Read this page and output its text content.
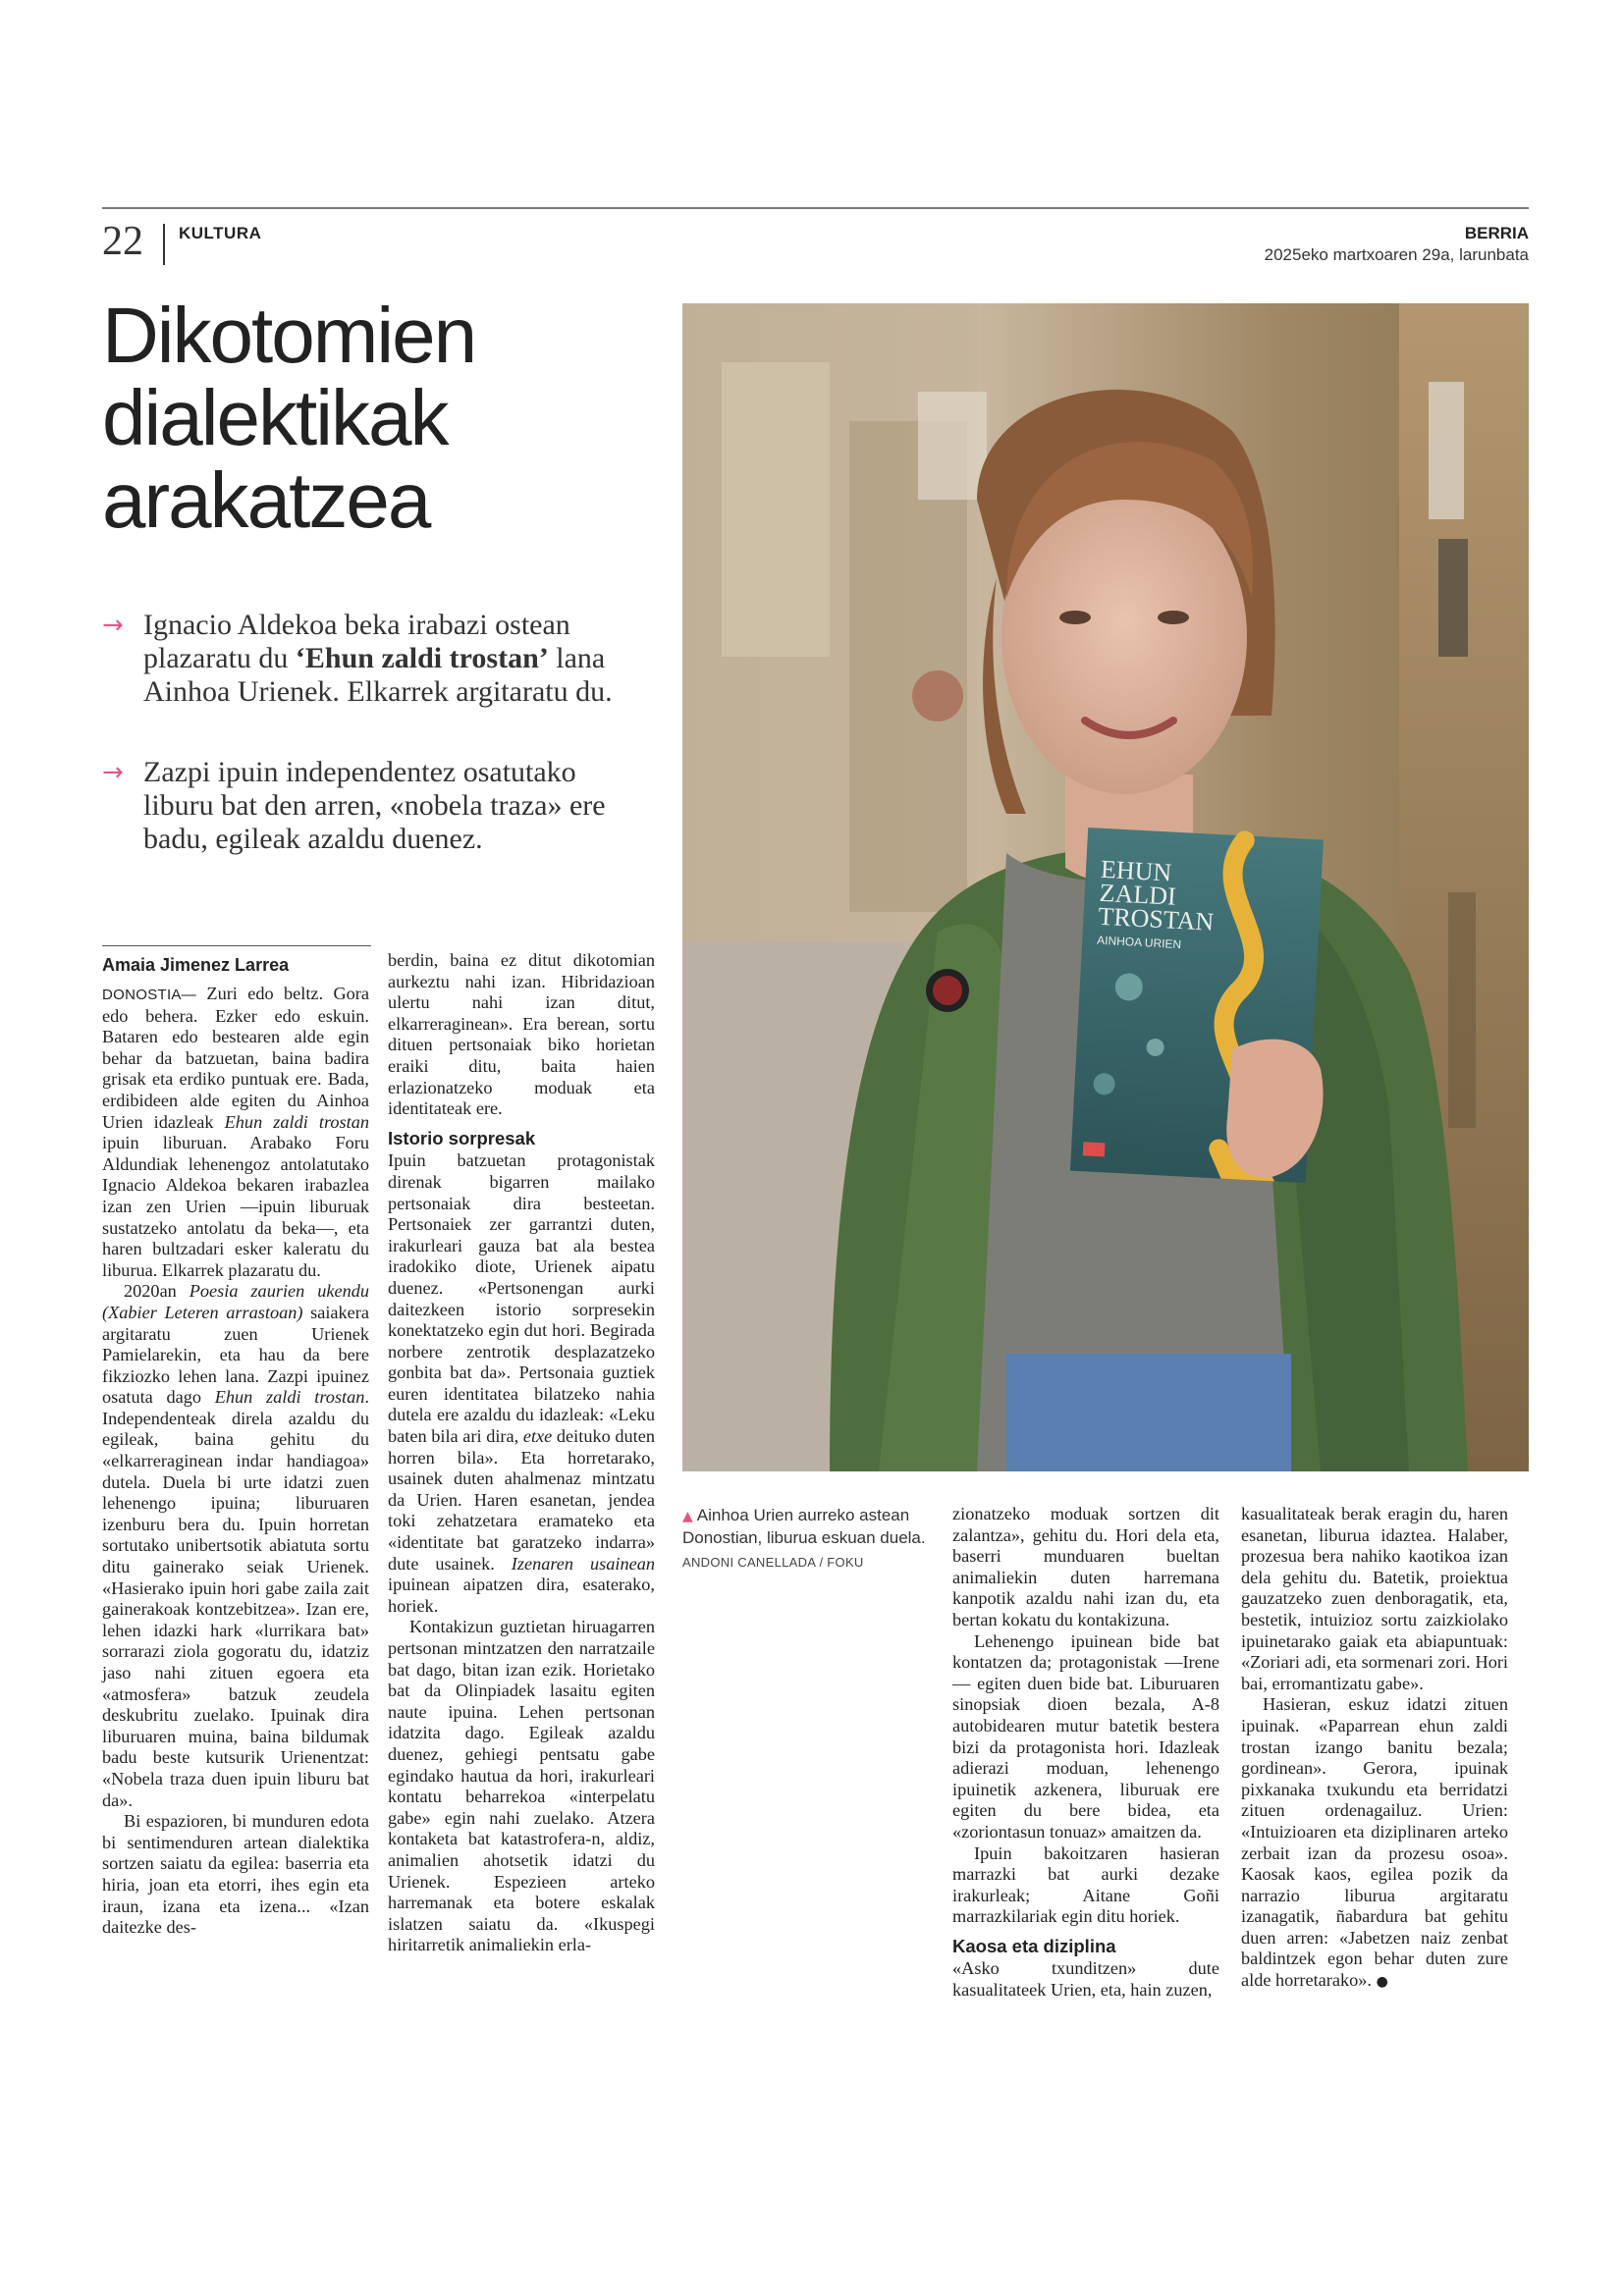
22 KULTURA	BERRIA
2025eko martxoaren 29a, larunbata
Dikotomien dialektikak arakatzea
→ Ignacio Aldekoa beka irabazi ostean plazaratu du ‘Ehun zaldi trostan’ lana Ainhoa Urienek. Elkarrek argitaratu du.
→ Zazpi ipuin independentez osatutako liburu bat den arren, «nobela traza» ere badu, egileak azaldu duenez.
Amaia Jimenez Larrea

DONOSTIA— Zuri edo beltz. Gora edo behera. Ezker edo eskuin. Bataren edo bestearen alde egin behar da batzuetan, baina badira grisak eta erdiko puntuak ere. Bada, erdibideen alde egiten du Ainhoa Urien idazleak Ehun zaldi trostan ipuin liburuan. Arabako Foru Aldundiak lehenengoz antolatutako Ignacio Aldekoa bekaren irabazlea izan zen Urien —ipuin liburuak sustatzeko antolatu da beka—, eta haren bultzadari esker kaleratu du liburua. Elkarrek plazaratu du.

2020an Poesia zaurien ukendu (Xabier Leteren arrastoan) saiakera argitaratu zuen Urienek Pamielarekin, eta hau da bere fikziozko lehen lana. Zazpi ipuinez osatuta dago Ehun zaldi trostan. Independenteak direla azaldu du egileak, baina gehitu du «elkarreraginean indar handiagoa» dutela. Duela bi urte idatzi zuen lehenengo ipuina; liburuaren izenburu bera du. Ipuin horretan sortutako unibertsotik abiatuta sortu ditu gainerako seiak Urienek. «Hasierako ipuin hori gabe zaila zait gainerakoak kontzebitzea». Izan ere, lehen idazki hark «lurrikara bat» sorrarazi ziola gogoratu du, idatziz jaso nahi zituen egoera eta «atmosfera» batzuk zeudela deskubritu zuelako. Ipuinak dira liburuaren muina, baina bildumak badu beste kutsurik Urienentzat: «Nobela traza duen ipuin liburu bat da».

Bi espazioren, bi munduren edota bi sentimenduren artean dialektika sortzen saiatu da egilea: baserria eta hiria, joan eta etorri, ihes egin eta iraun, izana eta izena... «Izan daitezke des-

berdin, baina ez ditut dikotomian aurkeztu nahi izan. Hibridazioan ulertu nahi izan ditut, elkarreraginean». Era berean, sortu dituen pertsonaiak biko horietan eraiki ditu, baita haien erlazionatzeko moduak eta identitateak ere.

Istorio sorpresak

Ipuin batzuetan protagonistak direnak bigarren mailako pertsonaiak dira besteetan. Pertsonaiek zer garrantzi duten, irakurleari gauza bat ala bestea iradokiko diote, Urienek aipatu duenez. «Pertsonengan aurki daitezkeen istorio sorpresekin konektatzeko egin dut hori. Begirada norbere zentrotik desplazatzeko gonbita bat da». Pertsonaia guztiek euren identitatea bilatzeko nahia dutela ere azaldu du idazleak: «Leku baten bila ari dira, etxe deituko duten horren bila». Eta horretarako, usainek duten ahalmenaz mintzatu da Urien. Haren esanetan, jendea toki zehatzetara eramateko eta «identitate bat garatzeko indarra» dute usainek. Izenaren usainean ipuinean aipatzen dira, esaterako, horiek.

Kontakizun guztietan hiruagarren pertsonan mintzatzen den narratzaile bat dago, bitan izan ezik. Horietako bat da Olinpiadek lasaitu egiten naute ipuina. Lehen pertsonan idatzita dago. Egileak azaldu duenez, gehiegi pentsatu gabe egindako hautua da hori, irakurleari kontatu beharrekoa «interpelatu gabe» egin nahi zuelako. Atzera kontaketa bat katastrofera-n, aldiz, animalien ahotsetik idatzi du Urienek. Espezieen arteko harremanak eta botere eskalak islatzen saiatu da. «Ikuspegi hiritarretik animaliekin erla-

EHUN
ZALDI
TROSTAN
AINHOA URIEN
▲ Ainhoa Urien aurreko astean Donostian, liburua eskuan duela.
ANDONI CANELLADA / FOKU

zionatzeko moduak sortzen dit zalantza», gehitu du. Hori dela eta, baserri munduaren bueltan animaliekin duten harremana kanpotik azaldu nahi izan du, eta bertan kokatu du kontakizuna.

Lehenengo ipuinean bide bat kontatzen da; protagonistak —Irene— egiten duen bide bat. Liburuaren sinopsiak dioen bezala, A-8 autobidearen mutur batetik bestera bizi da protagonista hori. Idazleak adierazi moduan, lehenengo ipuinetik azkenera, liburuak ere egiten du bere bidea, eta «zoriontasun tonuaz» amaitzen da.

Ipuin bakoitzaren hasieran marrazki bat aurki dezake irakurleak; Aitane Goñi marrazkilariak egin ditu horiek.

Kaosa eta diziplina

«Asko txunditzen» dute kasualitateek Urien, eta, hain zuzen,

kasualitateak berak eragin du, haren esanetan, liburua idaztea. Halaber, prozesua bera nahiko kaotikoa izan dela gehitu du. Batetik, proiektua gauzatzeko zuen denboragatik, eta, bestetik, intuizioz sortu zaizkiolako ipuinetarako gaiak eta abiapuntuak: «Zoriari adi, eta sormenari zori. Hori bai, erromantizatu gabe».

Hasieran, eskuz idatzi zituen ipuinak. «Paparrean ehun zaldi trostan izango banitu bezala; gordinean». Gerora, ipuinak pixkanaka txukundu eta berridatzi zituen ordenagailuz. Urien: «Intuizioaren eta diziplinaren arteko zerbait izan da prozesu osoa». Kaosak kaos, egilea pozik da narrazio liburua argitaratu izanagatik, ñabardura bat gehitu duen arren: «Jabetzen naiz zenbat baldintzek egon behar duten zure alde horretarako». ●
